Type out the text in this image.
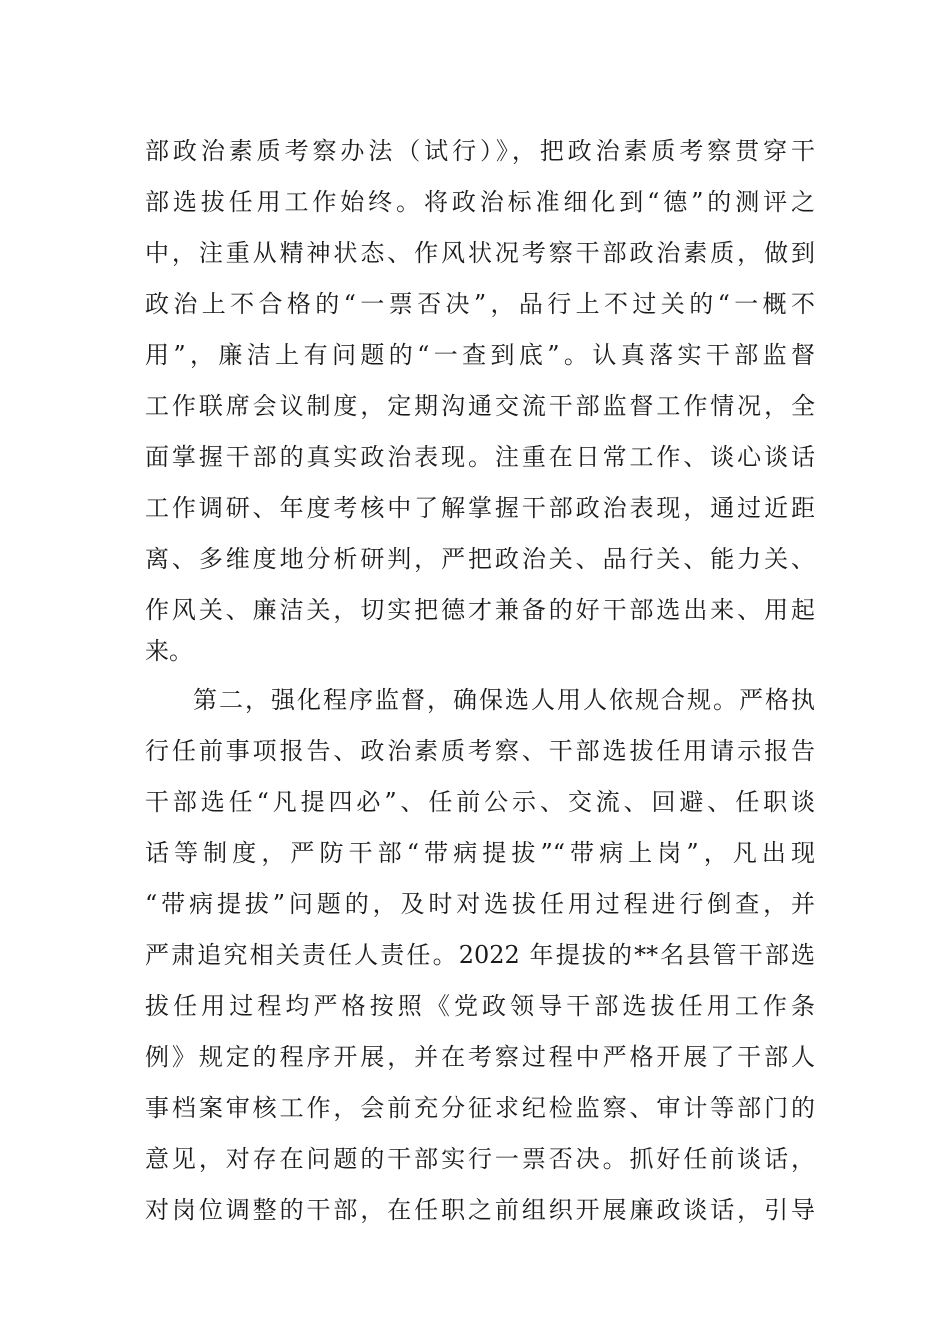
部政治素质考察办法（试行）》，把政治素质考察贯穿干
部选拔任用工作始终。将政治标准细化到“德”的测评之
中，注重从精神状态、作风状况考察干部政治素质，做到
政治上不合格的“一票否决”，品行上不过关的“一概不
用”，廉洁上有问题的“一查到底”。认真落实干部监督
工作联席会议制度，定期沟通交流干部监督工作情况，全
面掌握干部的真实政治表现。注重在日常工作、谈心谈话
工作调研、年度考核中了解掌握干部政治表现，通过近距
离、多维度地分析研判，严把政治关、品行关、能力关、
作风关、廉洁关，切实把德才兼备的好干部选出来、用起
来。
第二，强化程序监督，确保选人用人依规合规。严格执
行任前事项报告、政治素质考察、干部选拔任用请示报告
干部选任“凡提四必”、任前公示、交流、回避、任职谈
话等制度，严防干部“带病提拔”“带病上岗”，凡出现
“带病提拔”问题的，及时对选拔任用过程进行倒查，并
严肃追究相关责任人责任。2022 年提拔的**名县管干部选
拔任用过程均严格按照《党政领导干部选拔任用工作条
例》规定的程序开展，并在考察过程中严格开展了干部人
事档案审核工作，会前充分征求纪检监察、审计等部门的
意见，对存在问题的干部实行一票否决。抓好任前谈话，
对岗位调整的干部，在任职之前组织开展廉政谈话，引导
